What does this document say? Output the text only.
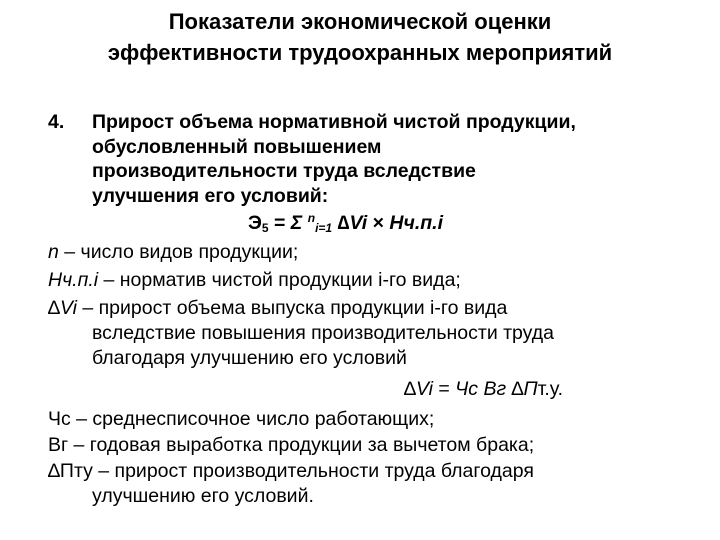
Показатели экономической оценки
эффективности трудоохранных мероприятий
4. Прирост объема нормативной чистой продукции,
обусловленный повышением
производительности труда вследствие
улучшения его условий:
$Э_5 = \Sigma$ $^n_{i=1}$ ∆Vi × Нч.п.i
n – число видов продукции;
Нч.п.i – норматив чистой продукции i-го вида;
∆Vi – прирост объема выпуска продукции i-го вида
вследствие повышения производительности труда
благодаря улучшению его условий
∆Vi = Чс Вг ∆Пт.у.
Чс – среднесписочное число работающих;
Вг – годовая выработка продукции за вычетом брака;
∆Пту – прирост производительности труда благодаря
улучшению его условий.
